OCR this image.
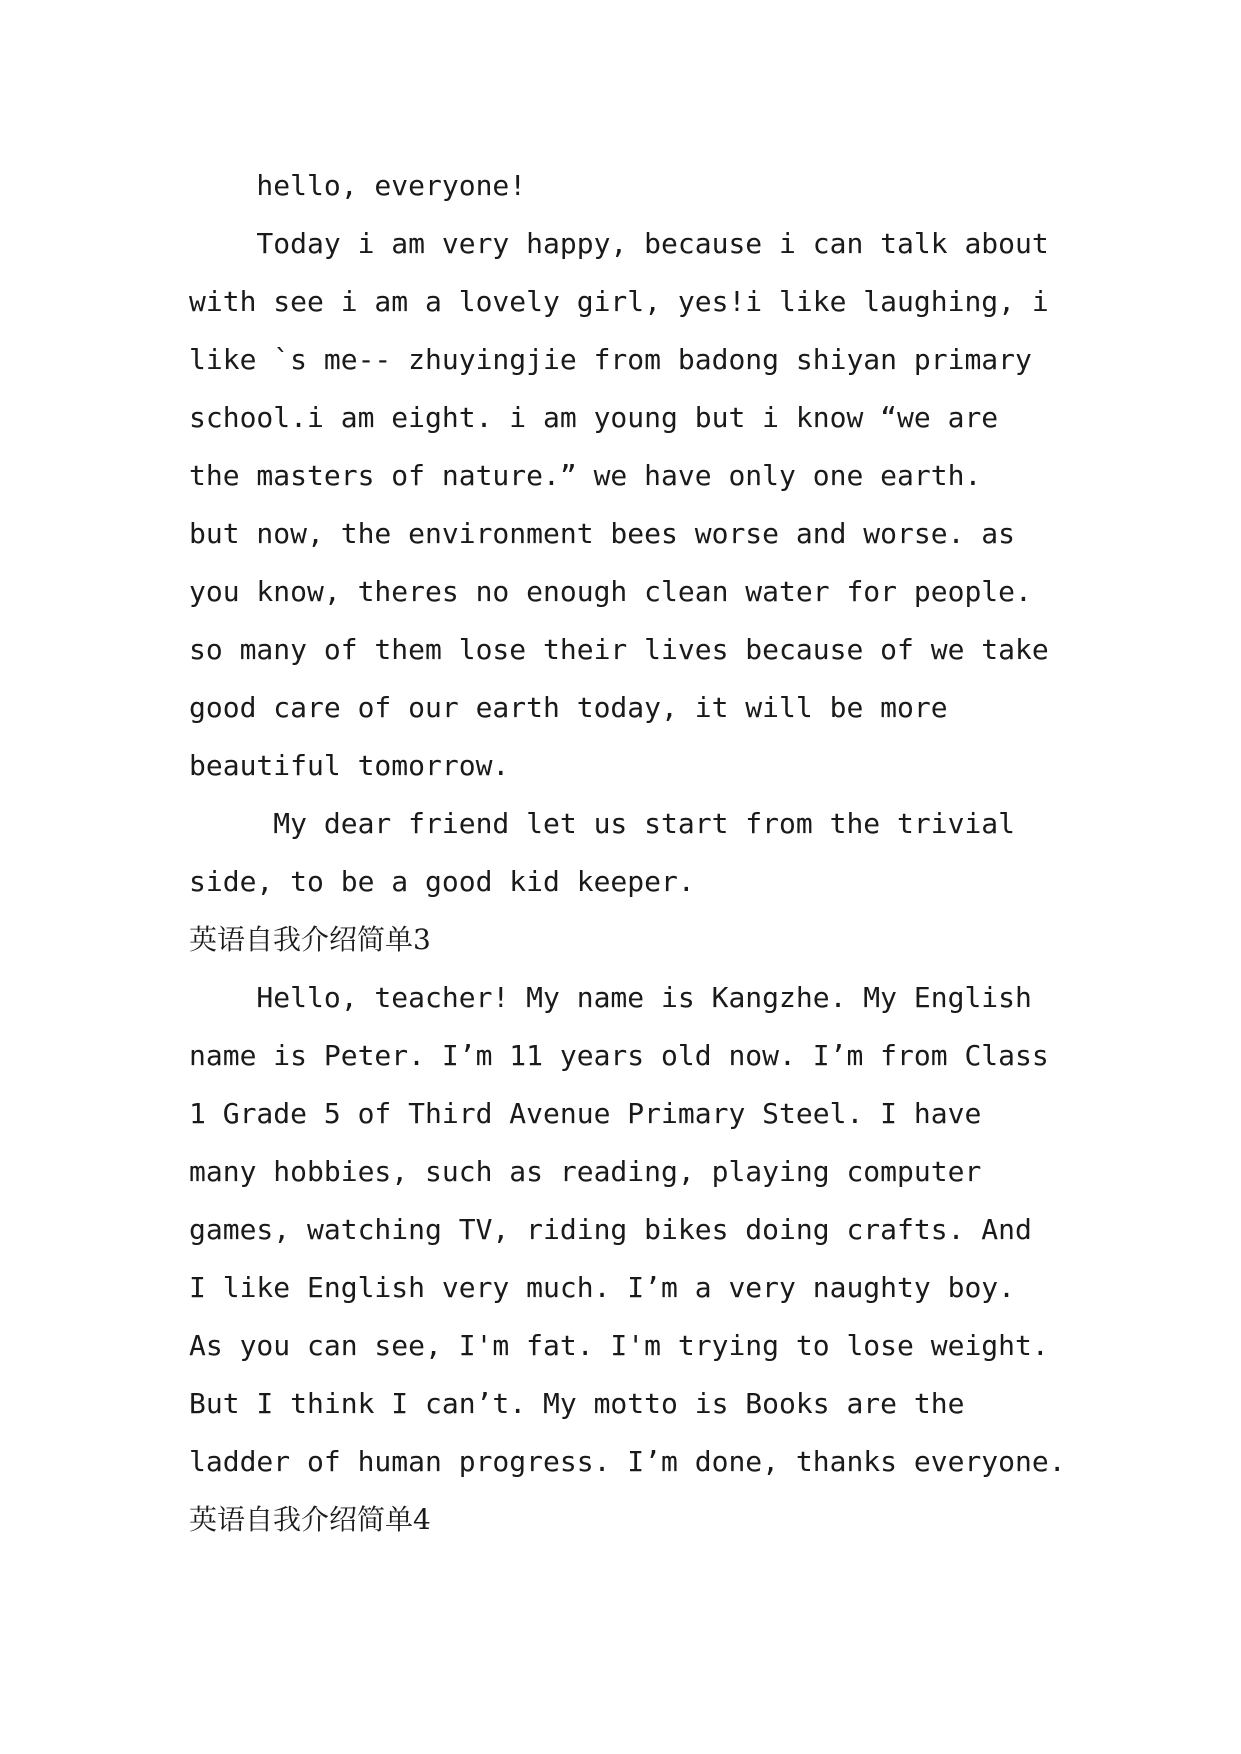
hello, everyone!
Today i am very happy, because i can talk about
with see i am a lovely girl, yes!i like laughing, i
like `s me-- zhuyingjie from badong shiyan primary
school.i am eight. i am young but i know “we are
the masters of nature.” we have only one earth.
but now, the environment bees worse and worse. as
you know, theres no enough clean water for people.
so many of them lose their lives because of we take
good care of our earth today, it will be more
beautiful tomorrow.
My dear friend let us start from the trivial
side, to be a good kid keeper.
英语自我介绍简单3
Hello, teacher! My name is Kangzhe. My English
name is Peter. I’m 11 years old now. I’m from Class
1 Grade 5 of Third Avenue Primary Steel. I have
many hobbies, such as reading, playing computer
games, watching TV, riding bikes doing crafts. And
I like English very much. I’m a very naughty boy.
As you can see, I'm fat. I'm trying to lose weight.
But I think I can’t. My motto is Books are the
ladder of human progress. I’m done, thanks everyone.
英语自我介绍简单4
